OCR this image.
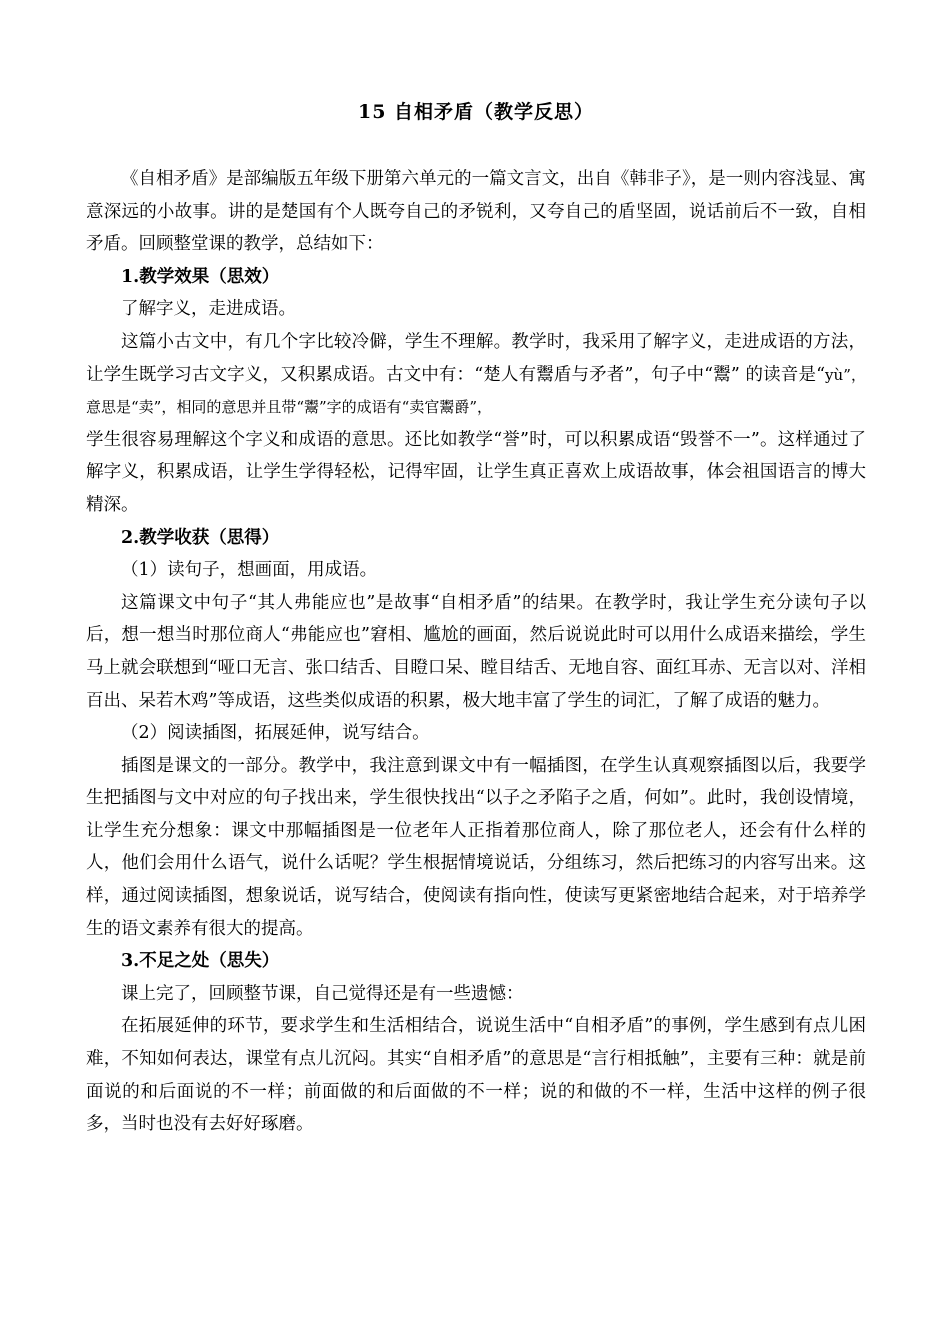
15 自相矛盾（教学反思）

《自相矛盾》是部编版五年级下册第六单元的一篇文言文，出自《韩非子》，是一则内容浅显、寓意深远的小故事。讲的是楚国有个人既夸自己的矛锐利，又夸自己的盾坚固，说话前后不一致，自相矛盾。回顾整堂课的教学，总结如下：

1.教学效果（思效）

了解字义，走进成语。

这篇小古文中，有几个字比较冷僻，学生不理解。教学时，我采用了解字义，走进成语的方法，让学生既学习古文字义，又积累成语。古文中有：“楚人有鬻盾与矛者”，句子中“鬻” 的读音是“yù”，意思是“卖”，相同的意思并且带“鬻”字的成语有“卖官鬻爵”，

学生很容易理解这个字义和成语的意思。还比如教学“誉”时，可以积累成语“毁誉不一”。这样通过了解字义，积累成语，让学生学得轻松，记得牢固，让学生真正喜欢上成语故事，体会祖国语言的博大精深。

2.教学收获（思得）

（1）读句子，想画面，用成语。

这篇课文中句子“其人弗能应也”是故事“自相矛盾”的结果。在教学时，我让学生充分读句子以后，想一想当时那位商人“弗能应也”窘相、尴尬的画面，然后说说此时可以用什么成语来描绘，学生马上就会联想到“哑口无言、张口结舌、目瞪口呆、瞠目结舌、无地自容、面红耳赤、无言以对、洋相百出、呆若木鸡”等成语，这些类似成语的积累，极大地丰富了学生的词汇，了解了成语的魅力。

（2）阅读插图，拓展延伸，说写结合。

插图是课文的一部分。教学中，我注意到课文中有一幅插图，在学生认真观察插图以后，我要学生把插图与文中对应的句子找出来，学生很快找出“以子之矛陷子之盾，何如”。此时，我创设情境，让学生充分想象：课文中那幅插图是一位老年人正指着那位商人，除了那位老人，还会有什么样的人，他们会用什么语气，说什么话呢？学生根据情境说话，分组练习，然后把练习的内容写出来。这样，通过阅读插图，想象说话，说写结合，使阅读有指向性，使读写更紧密地结合起来，对于培养学生的语文素养有很大的提高。

3.不足之处（思失）

课上完了，回顾整节课，自己觉得还是有一些遗憾：

在拓展延伸的环节，要求学生和生活相结合，说说生活中“自相矛盾”的事例，学生感到有点儿困难，不知如何表达，课堂有点儿沉闷。其实“自相矛盾”的意思是“言行相抵触”，主要有三种：就是前面说的和后面说的不一样；前面做的和后面做的不一样；说的和做的不一样，生活中这样的例子很多，当时也没有去好好琢磨。
